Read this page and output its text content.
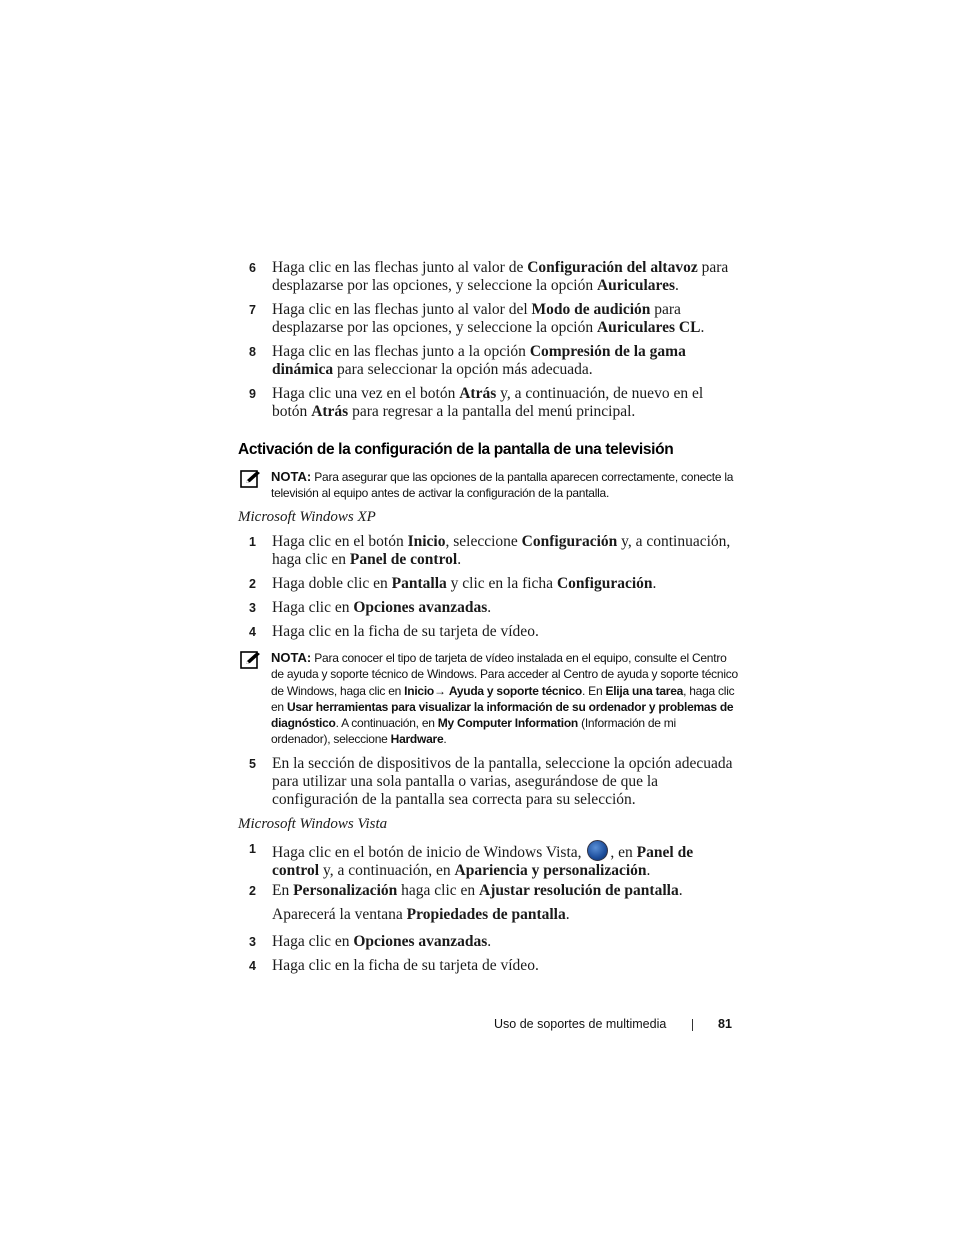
6 Haga clic en las flechas junto al valor de Configuración del altavoz para desplazarse por las opciones, y seleccione la opción Auriculares.
7 Haga clic en las flechas junto al valor del Modo de audición para desplazarse por las opciones, y seleccione la opción Auriculares CL.
8 Haga clic en las flechas junto a la opción Compresión de la gama dinámica para seleccionar la opción más adecuada.
9 Haga clic una vez en el botón Atrás y, a continuación, de nuevo en el botón Atrás para regresar a la pantalla del menú principal.
Activación de la configuración de la pantalla de una televisión
NOTA: Para asegurar que las opciones de la pantalla aparecen correctamente, conecte la televisión al equipo antes de activar la configuración de la pantalla.
Microsoft Windows XP
1 Haga clic en el botón Inicio, seleccione Configuración y, a continuación, haga clic en Panel de control.
2 Haga doble clic en Pantalla y clic en la ficha Configuración.
3 Haga clic en Opciones avanzadas.
4 Haga clic en la ficha de su tarjeta de vídeo.
NOTA: Para conocer el tipo de tarjeta de vídeo instalada en el equipo, consulte el Centro de ayuda y soporte técnico de Windows. Para acceder al Centro de ayuda y soporte técnico de Windows, haga clic en Inicio→ Ayuda y soporte técnico. En Elija una tarea, haga clic en Usar herramientas para visualizar la información de su ordenador y problemas de diagnóstico. A continuación, en My Computer Information (Información de mi ordenador), seleccione Hardware.
5 En la sección de dispositivos de la pantalla, seleccione la opción adecuada para utilizar una sola pantalla o varias, asegurándose de que la configuración de la pantalla sea correcta para su selección.
Microsoft Windows Vista
1 Haga clic en el botón de inicio de Windows Vista, , en Panel de control y, a continuación, en Apariencia y personalización.
2 En Personalización haga clic en Ajustar resolución de pantalla.
Aparecerá la ventana Propiedades de pantalla.
3 Haga clic en Opciones avanzadas.
4 Haga clic en la ficha de su tarjeta de vídeo.
Uso de soportes de multimedia	81
